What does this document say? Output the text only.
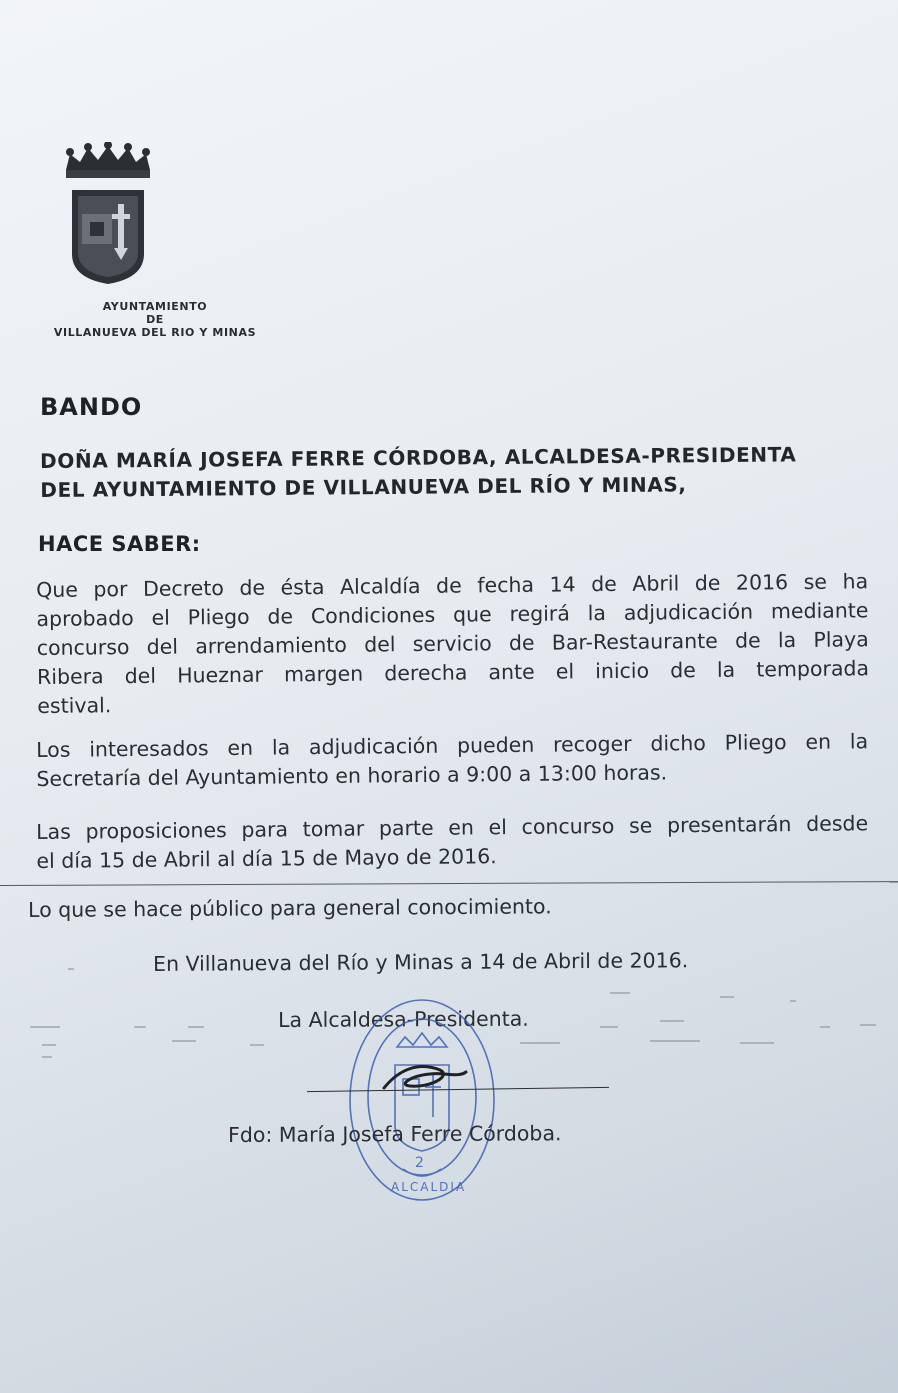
AYUNTAMIENTO
DE
VILLANUEVA DEL RIO Y MINAS
BANDO
DOÑA MARÍA JOSEFA FERRE CÓRDOBA, ALCALDESA-PRESIDENTA
DEL AYUNTAMIENTO DE VILLANUEVA DEL RÍO Y MINAS,
HACE SABER:
Que por Decreto de ésta Alcaldía de fecha 14 de Abril de 2016 se ha
aprobado el Pliego de Condiciones que regirá la adjudicación mediante
concurso del arrendamiento del servicio de Bar-Restaurante de la Playa
Ribera del Hueznar margen derecha ante el inicio de la temporada
estival.
Los interesados en la adjudicación pueden recoger dicho Pliego en la
Secretaría del Ayuntamiento en horario a 9:00 a 13:00 horas.
Las proposiciones para tomar parte en el concurso se presentarán desde
el día 15 de Abril al día 15 de Mayo de 2016.
Lo que se hace público para general conocimiento.
En Villanueva del Río y Minas a 14 de Abril de 2016.
La Alcaldesa-Presidenta.
2
ALCALDIA
Fdo: María Josefa Ferre Córdoba.
